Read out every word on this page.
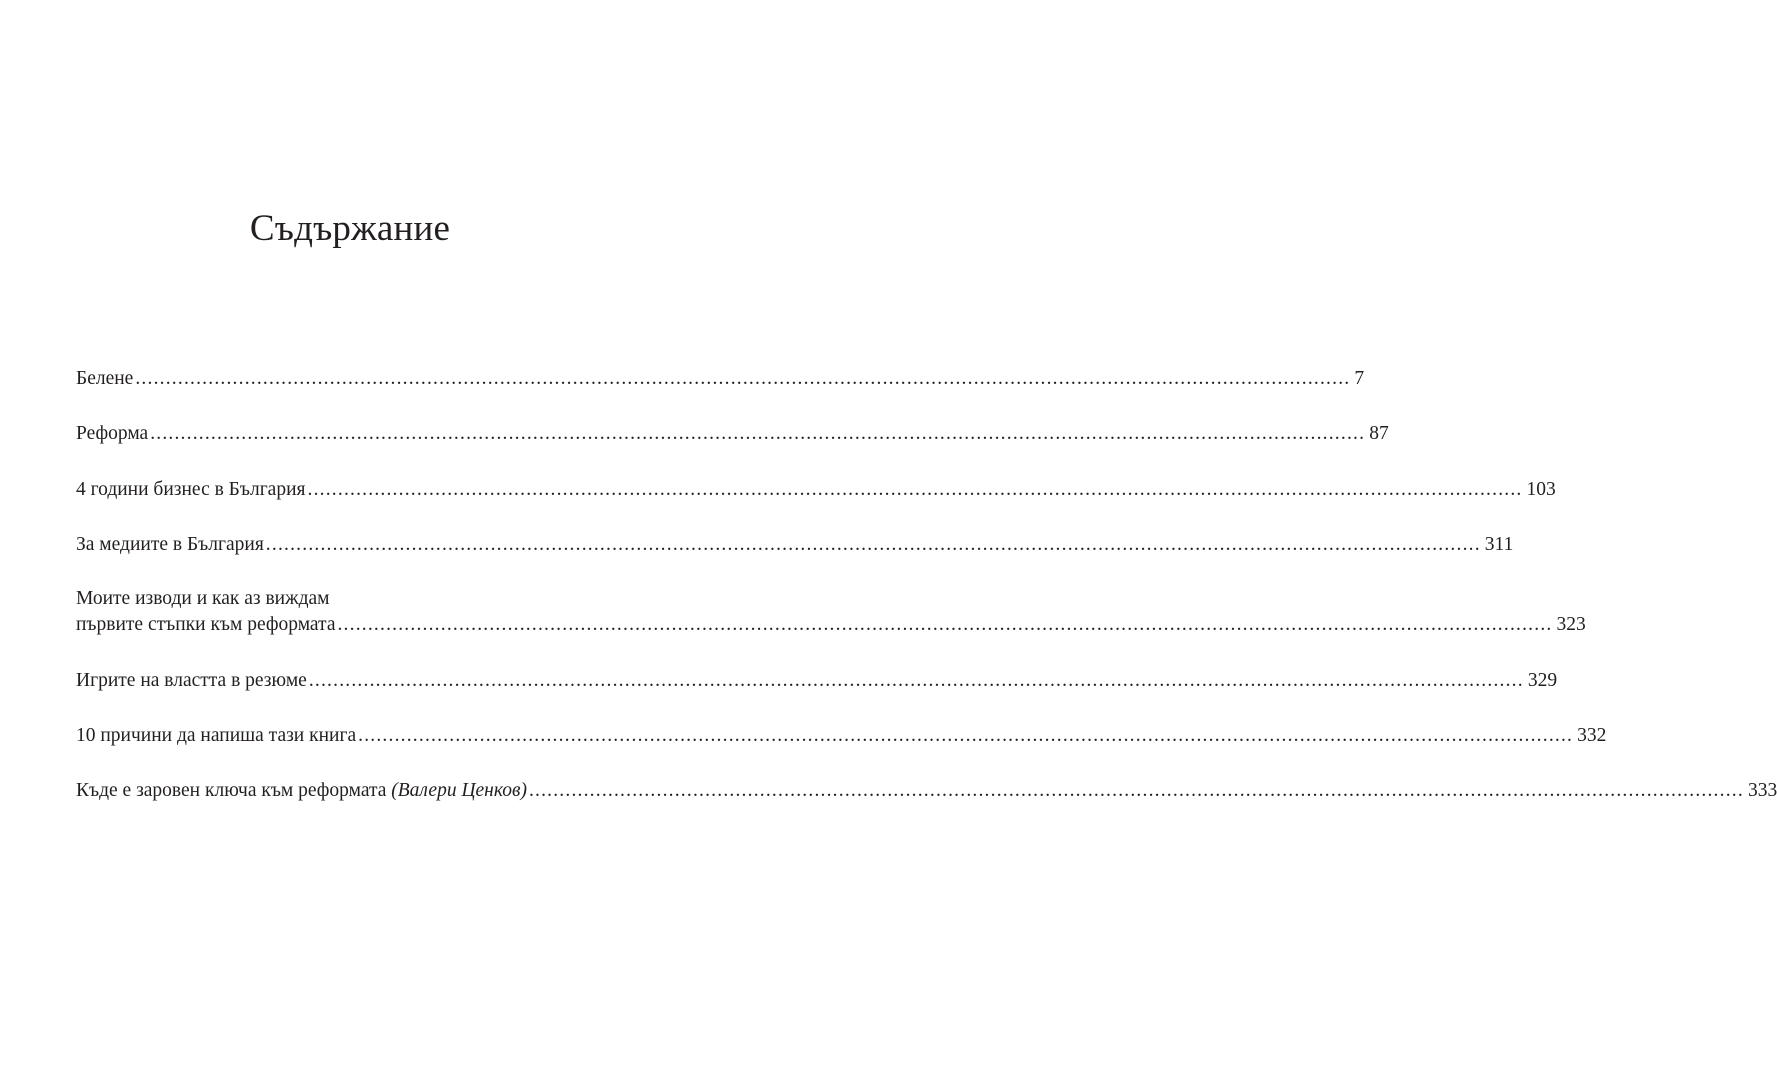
Съдържание
Белене ........................................................................................................................................................................................................ 7
Реформа ........................................................................................................................................................................................................ 87
4 години бизнес в България ........................................................................................................................................................................................................ 103
За медиите в България ........................................................................................................................................................................................................ 311
Моите изводи и как аз виждам
първите стъпки към реформата ........................................................................................................................................................................................................ 323
Игрите на властта в резюме ........................................................................................................................................................................................................ 329
10 причини да напиша тази книга ........................................................................................................................................................................................................ 332
Къде е заровен ключа към реформата (Валери Ценков) ........................................................................................................................................................................................................ 333
